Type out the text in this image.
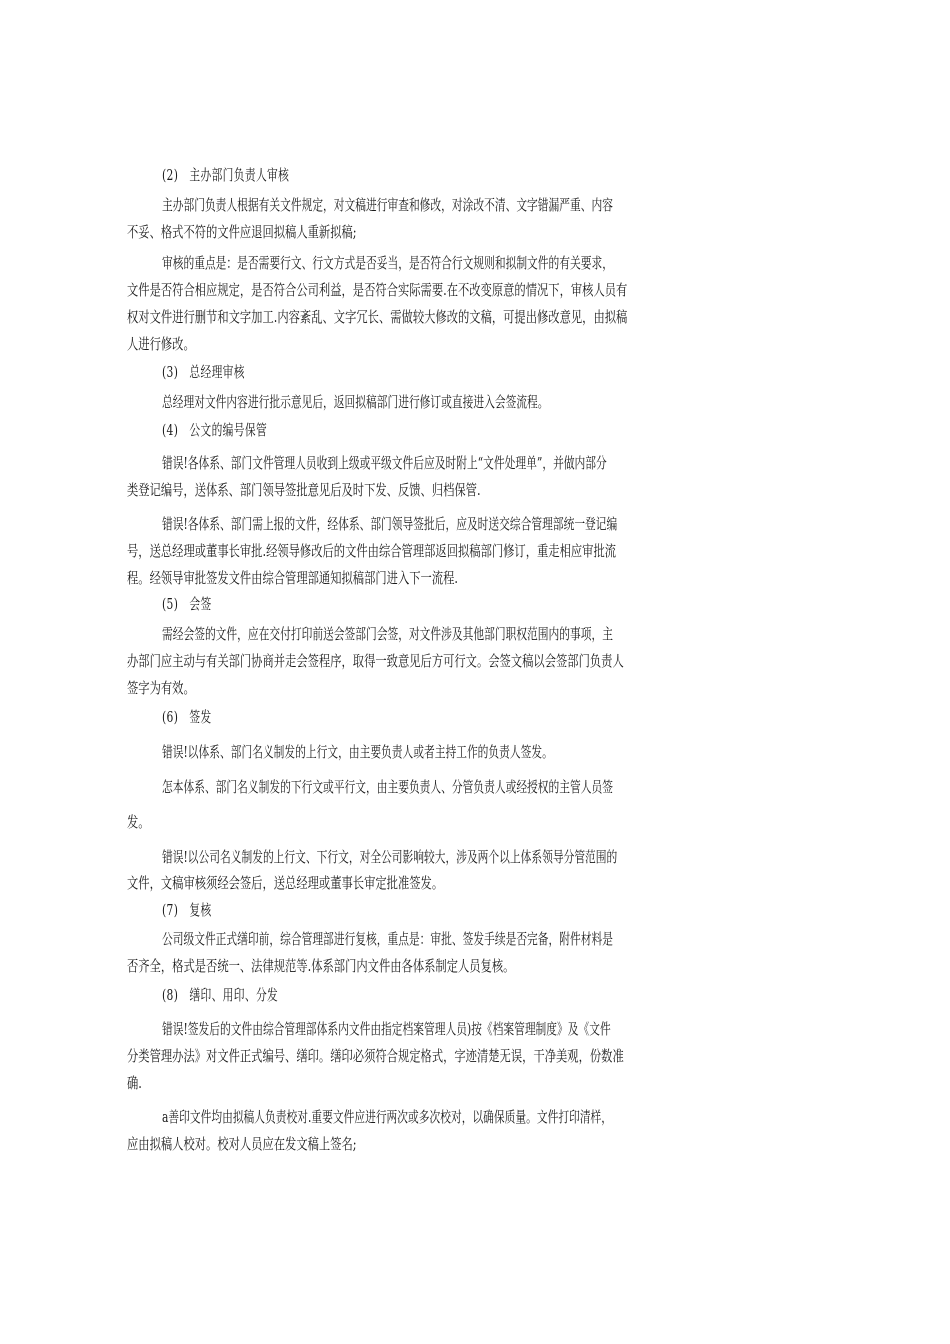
(2)　主办部门负责人审核
主办部门负责人根据有关文件规定，对文稿进行审查和修改，对涂改不清、文字错漏严重、内容
不妥、格式不符的文件应退回拟稿人重新拟稿;
审核的重点是：是否需要行文、行文方式是否妥当，是否符合行文规则和拟制文件的有关要求，
文件是否符合相应规定，是否符合公司利益，是否符合实际需要.在不改变原意的情况下，审核人员有
权对文件进行删节和文字加工.内容紊乱、文字冗长、需做较大修改的文稿，可提出修改意见，由拟稿
人进行修改。
(3)　总经理审核
总经理对文件内容进行批示意见后，返回拟稿部门进行修订或直接进入会签流程。
(4)　公文的编号保管
错误!各体系、部门文件管理人员收到上级或平级文件后应及时附上“文件处理单”，并做内部分
类登记编号，送体系、部门领导签批意见后及时下发、反馈、归档保管.
错误!各体系、部门需上报的文件，经体系、部门领导签批后，应及时送交综合管理部统一登记编
号，送总经理或董事长审批.经领导修改后的文件由综合管理部返回拟稿部门修订，重走相应审批流
程。经领导审批签发文件由综合管理部通知拟稿部门进入下一流程.
(5)　会签
需经会签的文件，应在交付打印前送会签部门会签，对文件涉及其他部门职权范围内的事项，主
办部门应主动与有关部门协商并走会签程序，取得一致意见后方可行文。会签文稿以会签部门负责人
签字为有效。
(6)　签发
错误!以体系、部门名义制发的上行文，由主要负责人或者主持工作的负责人签发。
怎本体系、部门名义制发的下行文或平行文，由主要负责人、分管负责人或经授权的主管人员签
发。
错误!以公司名义制发的上行文、下行文，对全公司影响较大，涉及两个以上体系领导分管范围的
文件，文稿审核须经会签后，送总经理或董事长审定批准签发。
(7)　复核
公司级文件正式缮印前，综合管理部进行复核，重点是：审批、签发手续是否完备，附件材料是
否齐全，格式是否统一、法律规范等.体系部门内文件由各体系制定人员复核。
(8)　缮印、用印、分发
错误!签发后的文件由综合管理部体系内文件由指定档案管理人员)按《档案管理制度》及《文件
分类管理办法》对文件正式编号、缮印。缮印必须符合规定格式，字迹清楚无误，干净美观，份数准
确.
a善印文件均由拟稿人负责校对.重要文件应进行两次或多次校对，以确保质量。文件打印清样，
应由拟稿人校对。校对人员应在发文稿上签名;
